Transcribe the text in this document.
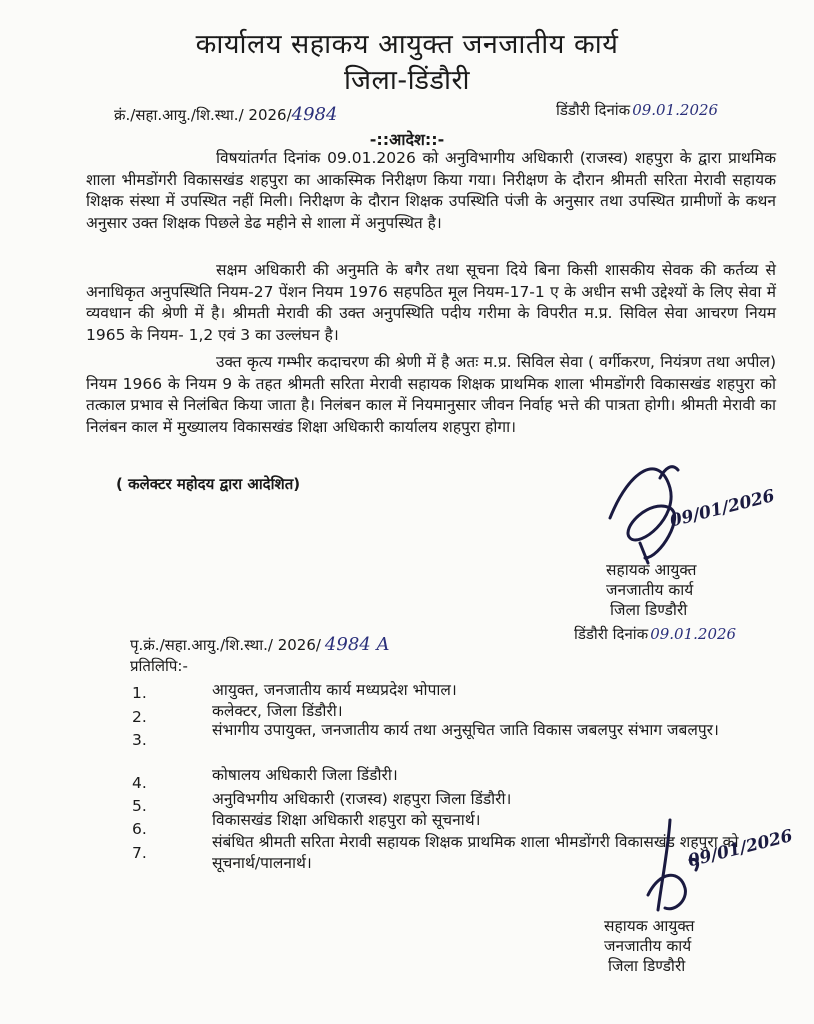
कार्यालय सहाकय आयुक्त जनजातीय कार्य
जिला-डिंडौरी
क्रं./सहा.आयु./शि.स्था./ 2026/4984	डिंडौरी दिनांक 09.01.2026
-::आदेश::-
विषयांतर्गत दिनांक 09.01.2026 को अनुविभागीय अधिकारी (राजस्व) शहपुरा के द्वारा प्राथमिक शाला भीमडोंगरी विकासखंड शहपुरा का आकस्मिक निरीक्षण किया गया। निरीक्षण के दौरान श्रीमती सरिता मेरावी सहायक शिक्षक संस्था में उपस्थित नहीं मिली। निरीक्षण के दौरान शिक्षक उपस्थिति पंजी के अनुसार तथा उपस्थित ग्रामीणों के कथन अनुसार उक्त शिक्षक पिछले डेढ महीने से शाला में अनुपस्थित है।
सक्षम अधिकारी की अनुमति के बगैर तथा सूचना दिये बिना किसी शासकीय सेवक की कर्तव्य से अनाधिकृत अनुपस्थिति नियम-27 पेंशन नियम 1976 सहपठित मूल नियम-17-1 ए के अधीन सभी उद्देश्यों के लिए सेवा में व्यवधान की श्रेणी में है। श्रीमती मेरावी की उक्त अनुपस्थिति पदीय गरीमा के विपरीत म.प्र. सिविल सेवा आचरण नियम 1965 के नियम- 1,2 एवं 3 का उल्लंघन है।
उक्त कृत्य गम्भीर कदाचरण की श्रेणी में है अतः म.प्र. सिविल सेवा ( वर्गीकरण, नियंत्रण तथा अपील) नियम 1966 के नियम 9 के तहत श्रीमती सरिता मेरावी सहायक शिक्षक प्राथमिक शाला भीमडोंगरी विकासखंड शहपुरा को तत्काल प्रभाव से निलंबित किया जाता है। निलंबन काल में नियमानुसार जीवन निर्वाह भत्ते की पात्रता होगी। श्रीमती मेरावी का निलंबन काल में मुख्यालय विकासखंड शिक्षा अधिकारी कार्यालय शहपुरा होगा।
( कलेक्टर महोदय द्वारा आदेशित)
09/01/2026
सहायक आयुक्त
जनजातीय कार्य
जिला डिण्डौरी
पृ.क्रं./सहा.आयु./शि.स्था./ 2026/ 4984 A	डिंडौरी दिनांक 09.01.2026
प्रतिलिपि:-
1.	आयुक्त, जनजातीय कार्य मध्यप्रदेश भोपाल।
2.	कलेक्टर, जिला डिंडौरी।
3.
संभागीय उपायुक्त, जनजातीय कार्य तथा अनुसूचित जाति विकास जबलपुर संभाग जबलपुर।
4.	कोषालय अधिकारी जिला डिंडौरी।
5.	अनुविभगीय अधिकारी (राजस्व) शहपुरा जिला डिंडौरी।
6.	विकासखंड शिक्षा अधिकारी शहपुरा को सूचनार्थ।
7.
संबंधित श्रीमती सरिता मेरावी सहायक शिक्षक प्राथमिक शाला भीमडोंगरी विकासखंड शहपुरा को सूचनार्थ/पालनार्थ।	09/01/2026
सहायक आयुक्त
जनजातीय कार्य
जिला डिण्डौरी
